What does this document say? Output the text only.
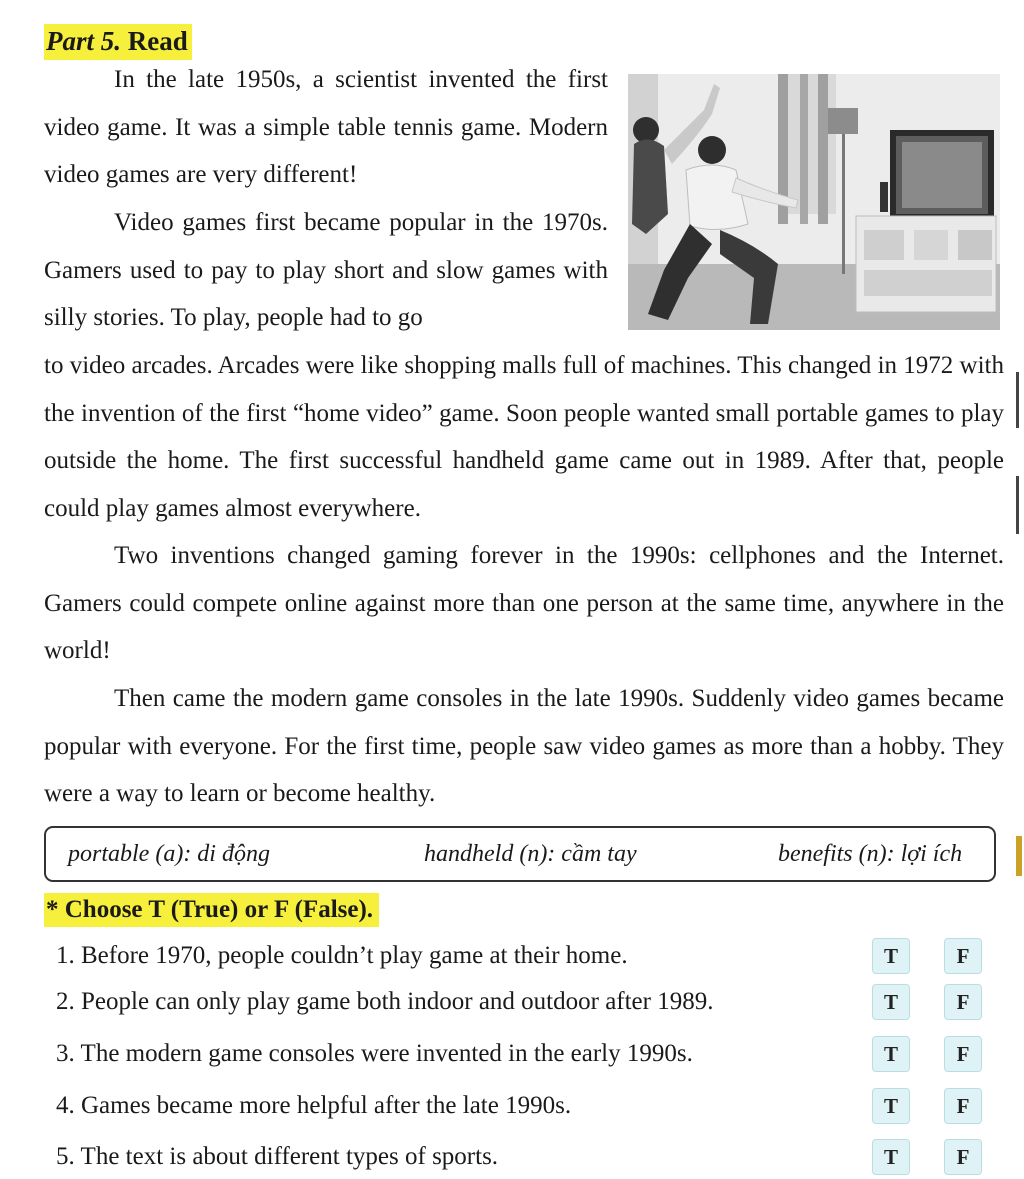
Part 5. Read

In the late 1950s, a scientist invented the first video game. It was a simple table tennis game. Modern video games are very different!

Video games first became popular in the 1970s. Gamers used to pay to play short and slow games with silly stories. To play, people had to go

to video arcades. Arcades were like shopping malls full of machines. This changed in 1972 with the invention of the first “home video” game. Soon people wanted small portable games to play outside the home. The first successful handheld game came out in 1989. After that, people could play games almost everywhere.

Two inventions changed gaming forever in the 1990s: cellphones and the Internet. Gamers could compete online against more than one person at the same time, anywhere in the world!

Then came the modern game consoles in the late 1990s. Suddenly video games became popular with everyone. For the first time, people saw video games as more than a hobby. They were a way to learn or become healthy.

portable (a): di động	handheld (n): cầm tay	benefits (n): lợi ích
* Choose T (True) or F (False).
1. Before 1970, people couldn’t play game at their home.	T	F
2. People can only play game both indoor and outdoor after 1989.	T	F
3. The modern game consoles were invented in the early 1990s.	T	F
4. Games became more helpful after the late 1990s.	T	F
5. The text is about different types of sports.	T	F
